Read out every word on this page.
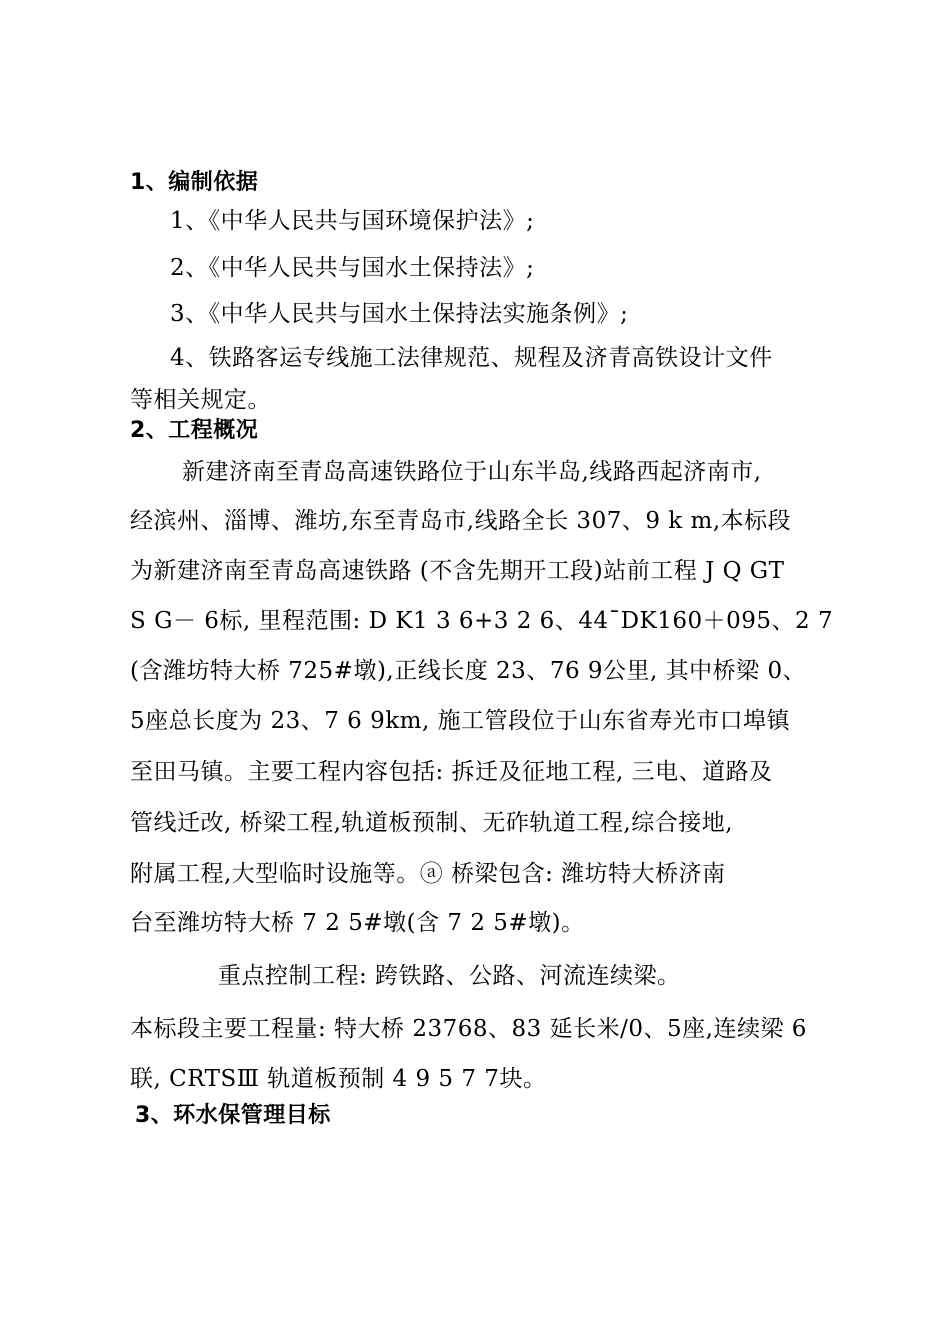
1、编制依据
1、《中华人民共与国环境保护法》;
2、《中华人民共与国水土保持法》;
3、《中华人民共与国水土保持法实施条例》;
4、铁路客运专线施工法律规范、规程及济青高铁设计文件
等相关规定。
2、工程概况
新建济南至青岛高速铁路位于山东半岛,线路西起济南市,
经滨州、淄博、潍坊,东至青岛市,线路全长 307、9 k m,本标段
为新建济南至青岛高速铁路 (不含先期开工段)站前工程 J Q GT
S G－ 6标, 里程范围: D K1 3 6+3 2 6、44¯DK160＋095、2 7
(含潍坊特大桥 725#墩),正线长度 23、76 9公里, 其中桥梁 0、
5座总长度为 23、7 6 9km, 施工管段位于山东省寿光市口埠镇
至田马镇。主要工程内容包括: 拆迁及征地工程, 三电、道路及
管线迁改, 桥梁工程,轨道板预制、无砟轨道工程,综合接地,
附属工程,大型临时设施等。ⓐ 桥梁包含: 潍坊特大桥济南
台至潍坊特大桥 7 2 5#墩(含 7 2 5#墩)。
重点控制工程: 跨铁路、公路、河流连续梁。
本标段主要工程量: 特大桥 23768、83 延长米/0、5座,连续梁 6
联, CRTSⅢ 轨道板预制 4 9 5 7 7块。
3、环水保管理目标
